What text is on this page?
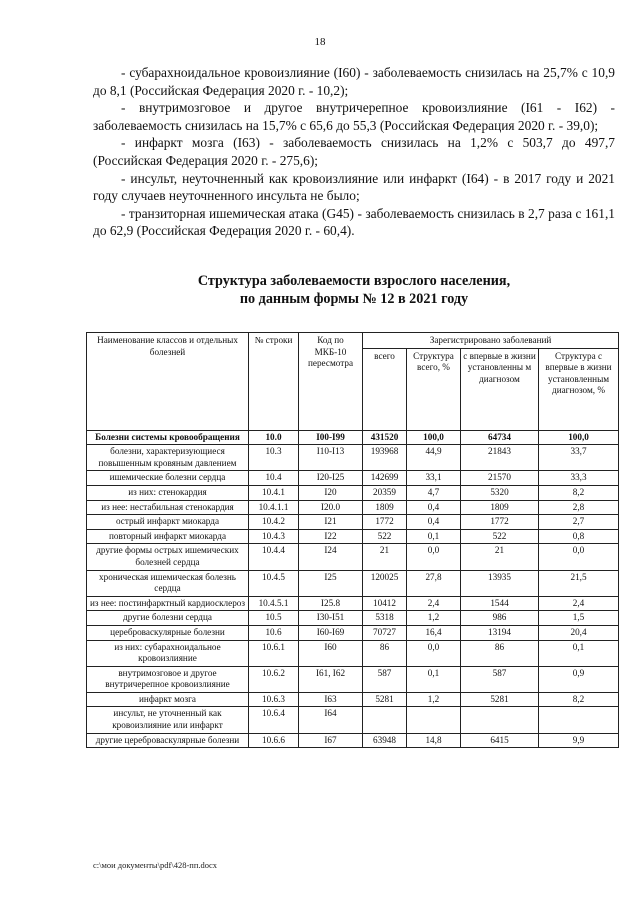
18

- субарахноидальное кровоизлияние (I60) - заболеваемость снизилась на 25,7% с 10,9 до 8,1 (Российская Федерация 2020 г. - 10,2);

- внутримозговое и другое внутричерепное кровоизлияние (I61 - I62) - заболеваемость снизилась на 15,7% с 65,6 до 55,3 (Российская Федерация 2020 г. - 39,0);

- инфаркт мозга (I63) - заболеваемость снизилась на 1,2% с 503,7 до 497,7 (Российская Федерация 2020 г. - 275,6);

- инсульт, неуточненный как кровоизлияние или инфаркт (I64) - в 2017 году и 2021 году случаев неуточненного инсульта не было;

- транзиторная ишемическая атака (G45) - заболеваемость снизилась в 2,7 раза с 161,1 до 62,9 (Российская Федерация 2020 г. - 60,4).

Структура заболеваемости взрослого населения,
по данным формы № 12 в 2021 году
Наименование классов и отдельных болезней	№ строки	Код по МКБ-10 пересмотра	Зарегистрировано заболеваний			
			всего	Структура всего, %	с впервые в жизни установленны м диагнозом	Структура с впервые в жизни установленным диагнозом, %
Болезни системы кровообращения	10.0	I00-I99	431520	100,0	64734	100,0
болезни, характеризующиеся повышенным кровяным давлением	10.3	I10-I13	193968	44,9	21843	33,7
ишемические болезни сердца	10.4	I20-I25	142699	33,1	21570	33,3
из них: стенокардия	10.4.1	I20	20359	4,7	5320	8,2
из нее: нестабильная стенокардия	10.4.1.1	I20.0	1809	0,4	1809	2,8
острый инфаркт миокарда	10.4.2	I21	1772	0,4	1772	2,7
повторный инфаркт миокарда	10.4.3	I22	522	0,1	522	0,8
другие формы острых ишемических болезней сердца	10.4.4	I24	21	0,0	21	0,0
хроническая ишемическая болезнь сердца	10.4.5	I25	120025	27,8	13935	21,5
из нее: постинфарктный кардиосклероз	10.4.5.1	I25.8	10412	2,4	1544	2,4
другие болезни сердца	10.5	I30-I51	5318	1,2	986	1,5
цереброваскулярные болезни	10.6	I60-I69	70727	16,4	13194	20,4
из них: субарахноидальное кровоизлияние	10.6.1	I60	86	0,0	86	0,1
внутримозговое и другое внутричерепное кровоизлияние	10.6.2	I61, I62	587	0,1	587	0,9
инфаркт мозга	10.6.3	I63	5281	1,2	5281	8,2
инсульт, не уточненный как кровоизлияние или инфаркт	10.6.4	I64				
другие цереброваскулярные болезни	10.6.6	I67	63948	14,8	6415	9,9
c:\мои документы\pdf\428-пп.docx
